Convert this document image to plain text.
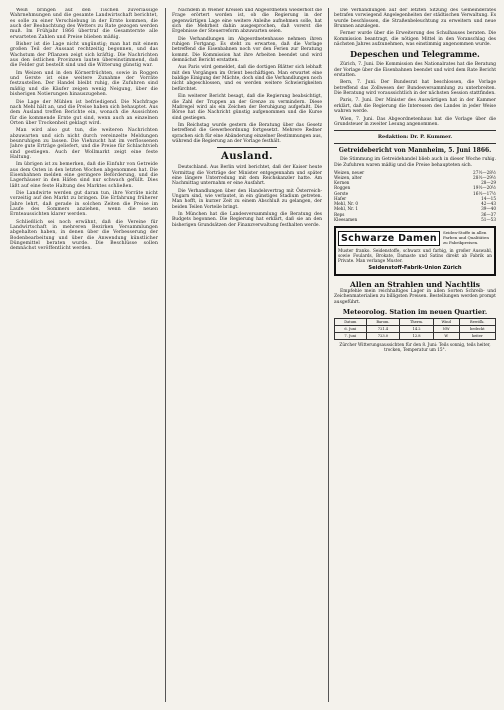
Weiß bringen auf den Tischen zuverlässige Wahrnehmungen und die gesamte Landwirtschaft berichtet, es solle zu einer Verschiebung in der Ernte kommen, die auch der Beobachtung des Wetters zu Rate gezogen werden muß. Im Frühjahr 1866 übertraf die Gesamternte alle erwarteten Zahlen und Preise blieben mäßig.

Bisher ist die Lage nicht ungünstig; man hat mit einem großen Teil der Aussaat rechtzeitig begonnen, und das Wachstum der Pflanzen zeigt sich kräftig. Die Nachrichten aus den östlichen Provinzen lauten übereinstimmend, daß die Felder gut bestellt sind und die Witterung günstig war.

Im Weizen und in den Körnerfrüchten, sowie in Roggen und Gerste ist eine weitere Zunahme der Vorräte festzustellen. Der Handel bleibt ruhig, die Zufuhren sind mäßig und die Käufer zeigen wenig Neigung, über die bisherigen Notierungen hinauszugehen.

Die Lage der Mühlen ist befriedigend. Die Nachfrage nach Mehl hält an, und die Preise haben sich behauptet. Aus dem Ausland treffen Berichte ein, wonach die Aussichten für die kommende Ernte gut sind, wenn auch an einzelnen Orten über Trockenheit geklagt wird.

Man wird also gut tun, die weiteren Nachrichten abzuwarten und sich nicht durch vereinzelte Meldungen beunruhigen zu lassen. Die Viehzucht hat im verflossenen Jahre gute Erträge geliefert, und die Preise für Schlachtvieh sind gestiegen. Auch der Wollmarkt zeigt eine feste Haltung.

Im übrigen ist zu bemerken, daß die Einfuhr von Getreide aus dem Osten in den letzten Wochen abgenommen hat. Die Eisenbahnen melden eine geringere Beförderung, und die Lagerhäuser in den Häfen sind nur schwach gefüllt. Dies läßt auf eine feste Haltung des Marktes schließen.

Die Landwirte werden gut daran tun, ihre Vorräte nicht vorzeitig auf den Markt zu bringen. Die Erfahrung früherer Jahre lehrt, daß gerade in solchen Zeiten die Preise im Laufe des Sommers anziehen, wenn die neuen Ernteaussichten klarer werden.

Schließlich sei noch erwähnt, daß die Vereine für Landwirtschaft in mehreren Bezirken Versammlungen abgehalten haben, in denen über die Verbesserung der Bodenbearbeitung und über die Anwendung künstlicher Düngemittel beraten wurde. Die Beschlüsse sollen demnächst veröffentlicht werden.

Nachdem in Wiener Kreisen und Abgeordneten wiederholt die Frage erörtert worden ist, ob die Regierung in der gegenwärtigen Lage eine weitere Anleihe aufnehmen solle, hat sich die Mehrheit dahin ausgesprochen, daß vorerst die Ergebnisse der Steuerreform abzuwarten seien.

Die Verhandlungen im Abgeordnetenhause nehmen ihren ruhigen Fortgang. Es steht zu erwarten, daß die Vorlage betreffend die Eisenbahnen noch vor den Ferien zur Beratung kommt. Die Kommission hat ihre Arbeiten beendet und wird demnächst Bericht erstatten.

Aus Paris wird gemeldet, daß die dortigen Blätter sich lebhaft mit den Vorgängen im Orient beschäftigen. Man erwartet eine baldige Einigung der Mächte, doch sind die Verhandlungen noch nicht abgeschlossen, und es werden weitere Schwierigkeiten befürchtet.

Ein weiterer Bericht besagt, daß die Regierung beabsichtigt, die Zahl der Truppen an der Grenze zu vermindern. Diese Maßregel wird als ein Zeichen der Beruhigung aufgefaßt. Die Börse hat die Nachricht günstig aufgenommen und die Kurse sind gestiegen.

Im Reichstag wurde gestern die Beratung über das Gesetz betreffend die Gewerbeordnung fortgesetzt. Mehrere Redner sprachen sich für eine Abänderung einzelner Bestimmungen aus, während die Regierung an der Vorlage festhält.

Ausland.

Deutschland. Aus Berlin wird berichtet, daß der Kaiser heute Vormittag die Vorträge der Minister entgegennahm und später eine längere Unterredung mit dem Reichskanzler hatte. Am Nachmittag unternahm er eine Ausfahrt.

Die Verhandlungen über den Handelsvertrag mit Österreich-Ungarn sind, wie verlautet, in ein günstiges Stadium getreten. Man hofft, in kurzer Zeit zu einem Abschluß zu gelangen, der beiden Teilen Vorteile bringt.

In München hat die Landesversammlung die Beratung des Budgets begonnen. Die Regierung hat erklärt, daß sie an den bisherigen Grundsätzen der Finanzverwaltung festhalten werde.

Die Verhandlungen auf der letzten Sitzung des Gemeinderates betrafen vorwiegend Angelegenheiten der städtischen Verwaltung. Es wurde beschlossen, die Straßenbeleuchtung zu erweitern und neue Brunnen anzulegen.

Ferner wurde über die Erweiterung des Schulhauses beraten. Die Kommission beantragt, die nötigen Mittel in den Voranschlag des nächsten Jahres aufzunehmen, was einstimmig angenommen wurde.

Depeschen und Telegramme.

Zürich, 7. Juni. Die Kommission des Nationalrates hat die Beratung der Vorlage über die Eisenbahnen beendet und wird dem Rate Bericht erstatten.

Bern, 7. Juni. Der Bundesrat hat beschlossen, die Vorlage betreffend das Zollwesen der Bundesversammlung zu unterbreiten. Die Beratung wird voraussichtlich in der nächsten Session stattfinden.

Paris, 7. Juni. Der Minister des Auswärtigen hat in der Kammer erklärt, daß die Regierung die Interessen des Landes in jeder Weise wahren werde.

Wien, 7. Juni. Das Abgeordnetenhaus hat die Vorlage über die Grundsteuer in zweiter Lesung angenommen.

Redaktion: Dr. P. Kummer.
Getreidebericht von Mannheim, 5. Juni 1866.

Die Stimmung im Getreidehandel blieb auch in dieser Woche ruhig. Die Zufuhren waren mäßig und die Preise behaupteten sich.

Weizen, neuer	27½—28½
Weizen, alter	28½—29½
Kernen	28—29
Roggen	19½—20½
Gerste	16½—17½
Hafer	14—15
Mehl, Nr. 0	42—43
Mehl, Nr. 1	39—40
Reps	36—37
Kleesamen	51—53
Schwarze Damen
Seiden-Stoffe in allen Farben und Qualitäten zu Fabrikpreisen.
Muster franko. Seidenstoffe, schwarz und farbig, in großer Auswahl, sowie Foulards, Brokate, Damaste und Satins direkt ab Fabrik an Private. Man verlange Muster.
Seidenstoff-Fabrik-Union Zürich
Allen an Strahlen und Nachtlis

Empfehle mein reichhaltiges Lager in allen Sorten Schreib- und Zeichenmaterialien zu billigsten Preisen. Bestellungen werden prompt ausgeführt.

Meteorolog. Station im neuen Quartier.
Datum	Barom.	Therm.	Wind	Bewölk.
6. Juni	721.4	14.2	NW	bedeckt
7. Juni	723.0	12.8	W	heiter
Zürcher Witterungsaussichten für den 8. Juni: Teils sonnig, teils heiter, trocken, Temperatur um 15°.
